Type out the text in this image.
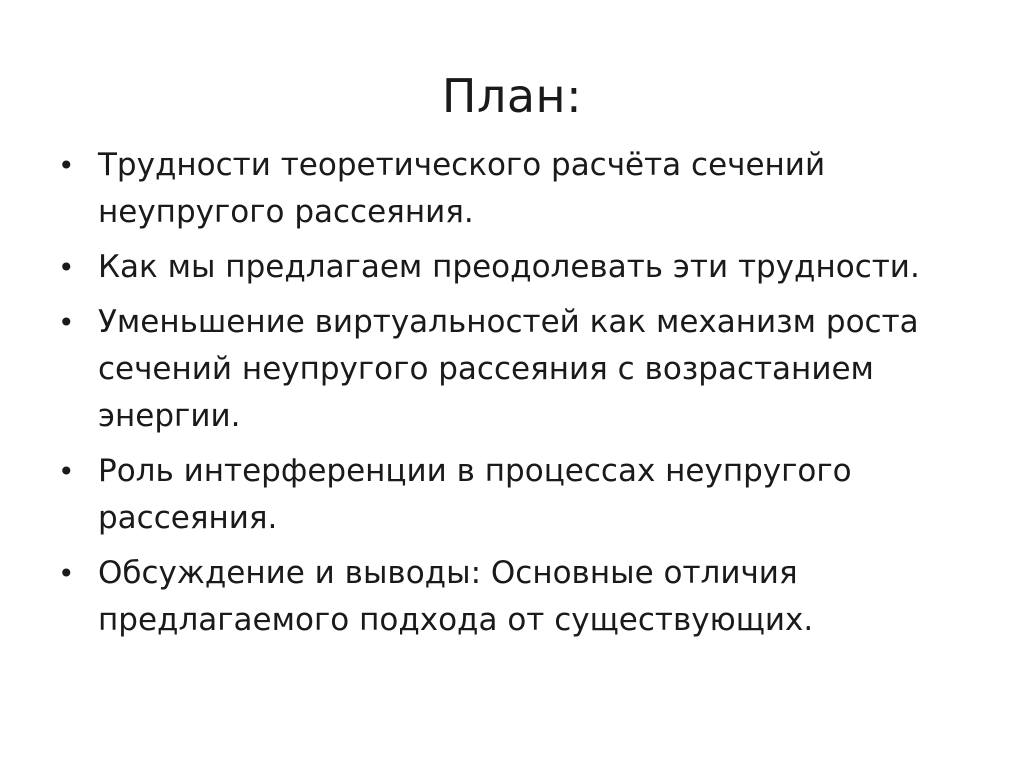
План:
• Трудности теоретического расчёта сечений неупругого рассеяния.
• Как мы предлагаем преодолевать эти трудности.
• Уменьшение виртуальностей как механизм роста сечений неупругого рассеяния с возрастанием энергии.
• Роль интерференции в процессах неупругого рассеяния.
• Обсуждение и выводы: Основные отличия предлагаемого подхода от существующих.
